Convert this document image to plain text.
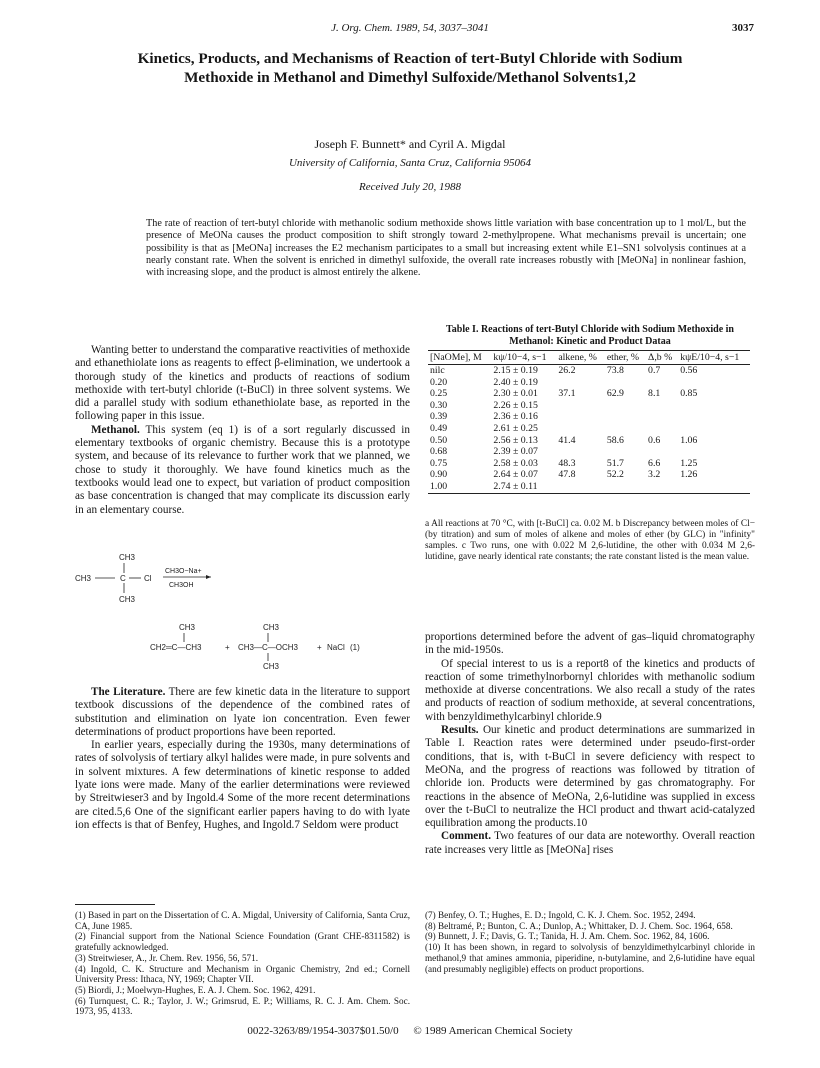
J. Org. Chem. 1989, 54, 3037–3041	3037
Kinetics, Products, and Mechanisms of Reaction of tert-Butyl Chloride with Sodium Methoxide in Methanol and Dimethyl Sulfoxide/Methanol Solvents1,2
Joseph F. Bunnett* and Cyril A. Migdal
University of California, Santa Cruz, California 95064
Received July 20, 1988
The rate of reaction of tert-butyl chloride with methanolic sodium methoxide shows little variation with base concentration up to 1 mol/L, but the presence of MeONa causes the product composition to shift strongly toward 2-methylpropene. What mechanisms prevail is uncertain; one possibility is that as [MeONa] increases the E2 mechanism participates to a small but increasing extent while E1–SN1 solvolysis continues at a nearly constant rate. When the solvent is enriched in dimethyl sulfoxide, the overall rate increases robustly with [MeONa] in nonlinear fashion, with increasing slope, and the product is almost entirely the alkene.

Wanting better to understand the comparative reactivities of methoxide and ethanethiolate ions as reagents to effect β-elimination, we undertook a thorough study of the kinetics and products of reactions of sodium methoxide with tert-butyl chloride (t-BuCl) in three solvent systems. We did a parallel study with sodium ethanethiolate base, as reported in the following paper in this issue.

Methanol. This system (eq 1) is of a sort regularly discussed in elementary textbooks of organic chemistry. Because this is a prototype system, and because of its relevance to further work that we planned, we chose to study it thoroughly. We have found kinetics much as the textbooks would lead one to expect, but variation of product composition as base concentration is changed that may complicate its discussion early in an elementary course.

CH3
CH3	C Cl
CH3
CH3O−Na+
CH3OH
CH3
CH2═C—CH3	+
CH3
CH3—C—OCH3
CH3
+ NaCl (1)

The Literature. There are few kinetic data in the literature to support textbook discussions of the dependence of the combined rates of substitution and elimination on lyate ion concentration. Even fewer determinations of product proportions have been reported.

In earlier years, especially during the 1930s, many determinations of rates of solvolysis of tertiary alkyl halides were made, in pure solvents and in solvent mixtures. A few determinations of kinetic response to added lyate ions were made. Many of the earlier determinations were reviewed by Streitwieser3 and by Ingold.4 Some of the more recent determinations are cited.5,6 One of the significant earlier papers having to do with lyate ion effects is that of Benfey, Hughes, and Ingold.7 Seldom were product

Table I. Reactions of tert-Butyl Chloride with Sodium Methoxide in Methanol: Kinetic and Product Dataa
[NaOMe], M	kψ/10−4, s−1	alkene, %	ether, %	Δ,b %	kψE/10−4, s−1
nilc	2.15 ± 0.19	26.2	73.8	0.7	0.56
0.20	2.40 ± 0.19				
0.25	2.30 ± 0.01	37.1	62.9	8.1	0.85
0.30	2.26 ± 0.15				
0.39	2.36 ± 0.16				
0.49	2.61 ± 0.25				
0.50	2.56 ± 0.13	41.4	58.6	0.6	1.06
0.68	2.39 ± 0.07				
0.75	2.58 ± 0.03	48.3	51.7	6.6	1.25
0.90	2.64 ± 0.07	47.8	52.2	3.2	1.26
1.00	2.74 ± 0.11				
a All reactions at 70 °C, with [t-BuCl] ca. 0.02 M. b Discrepancy between moles of Cl− (by titration) and sum of moles of alkene and moles of ether (by GLC) in "infinity" samples. c Two runs, one with 0.022 M 2,6-lutidine, the other with 0.034 M 2,6-lutidine, gave nearly identical rate constants; the rate constant listed is the mean value.

proportions determined before the advent of gas–liquid chromatography in the mid-1950s.

Of special interest to us is a report8 of the kinetics and products of reaction of some trimethylnorbornyl chlorides with methanolic sodium methoxide at diverse concentrations. We also recall a study of the rates and products of reaction of sodium methoxide, at several concentrations, with benzyldimethylcarbinyl chloride.9

Results. Our kinetic and product determinations are summarized in Table I. Reaction rates were determined under pseudo-first-order conditions, that is, with t-BuCl in severe deficiency with respect to MeONa, and the progress of reactions was followed by titration of chloride ion. Products were determined by gas chromatography. For reactions in the absence of MeONa, 2,6-lutidine was supplied in excess over the t-BuCl to neutralize the HCl product and thwart acid-catalyzed equilibration among the products.10

Comment. Two features of our data are noteworthy. Overall reaction rate increases very little as [MeONa] rises

(1) Based in part on the Dissertation of C. A. Migdal, University of California, Santa Cruz, CA, June 1985.

(2) Financial support from the National Science Foundation (Grant CHE-8311582) is gratefully acknowledged.

(3) Streitwieser, A., Jr. Chem. Rev. 1956, 56, 571.

(4) Ingold, C. K. Structure and Mechanism in Organic Chemistry, 2nd ed.; Cornell University Press: Ithaca, NY, 1969; Chapter VII.

(5) Biordi, J.; Moelwyn-Hughes, E. A. J. Chem. Soc. 1962, 4291.

(6) Turnquest, C. R.; Taylor, J. W.; Grimsrud, E. P.; Williams, R. C. J. Am. Chem. Soc. 1973, 95, 4133.

(7) Benfey, O. T.; Hughes, E. D.; Ingold, C. K. J. Chem. Soc. 1952, 2494.

(8) Beltramé, P.; Bunton, C. A.; Dunlop, A.; Whittaker, D. J. Chem. Soc. 1964, 658.

(9) Bunnett, J. F.; Davis, G. T.; Tanida, H. J. Am. Chem. Soc. 1962, 84, 1606.

(10) It has been shown, in regard to solvolysis of benzyldimethylcarbinyl chloride in methanol,9 that amines ammonia, piperidine, n-butylamine, and 2,6-lutidine have equal (and presumably negligible) effects on product proportions.

0022-3263/89/1954-3037$01.50/0 © 1989 American Chemical Society
